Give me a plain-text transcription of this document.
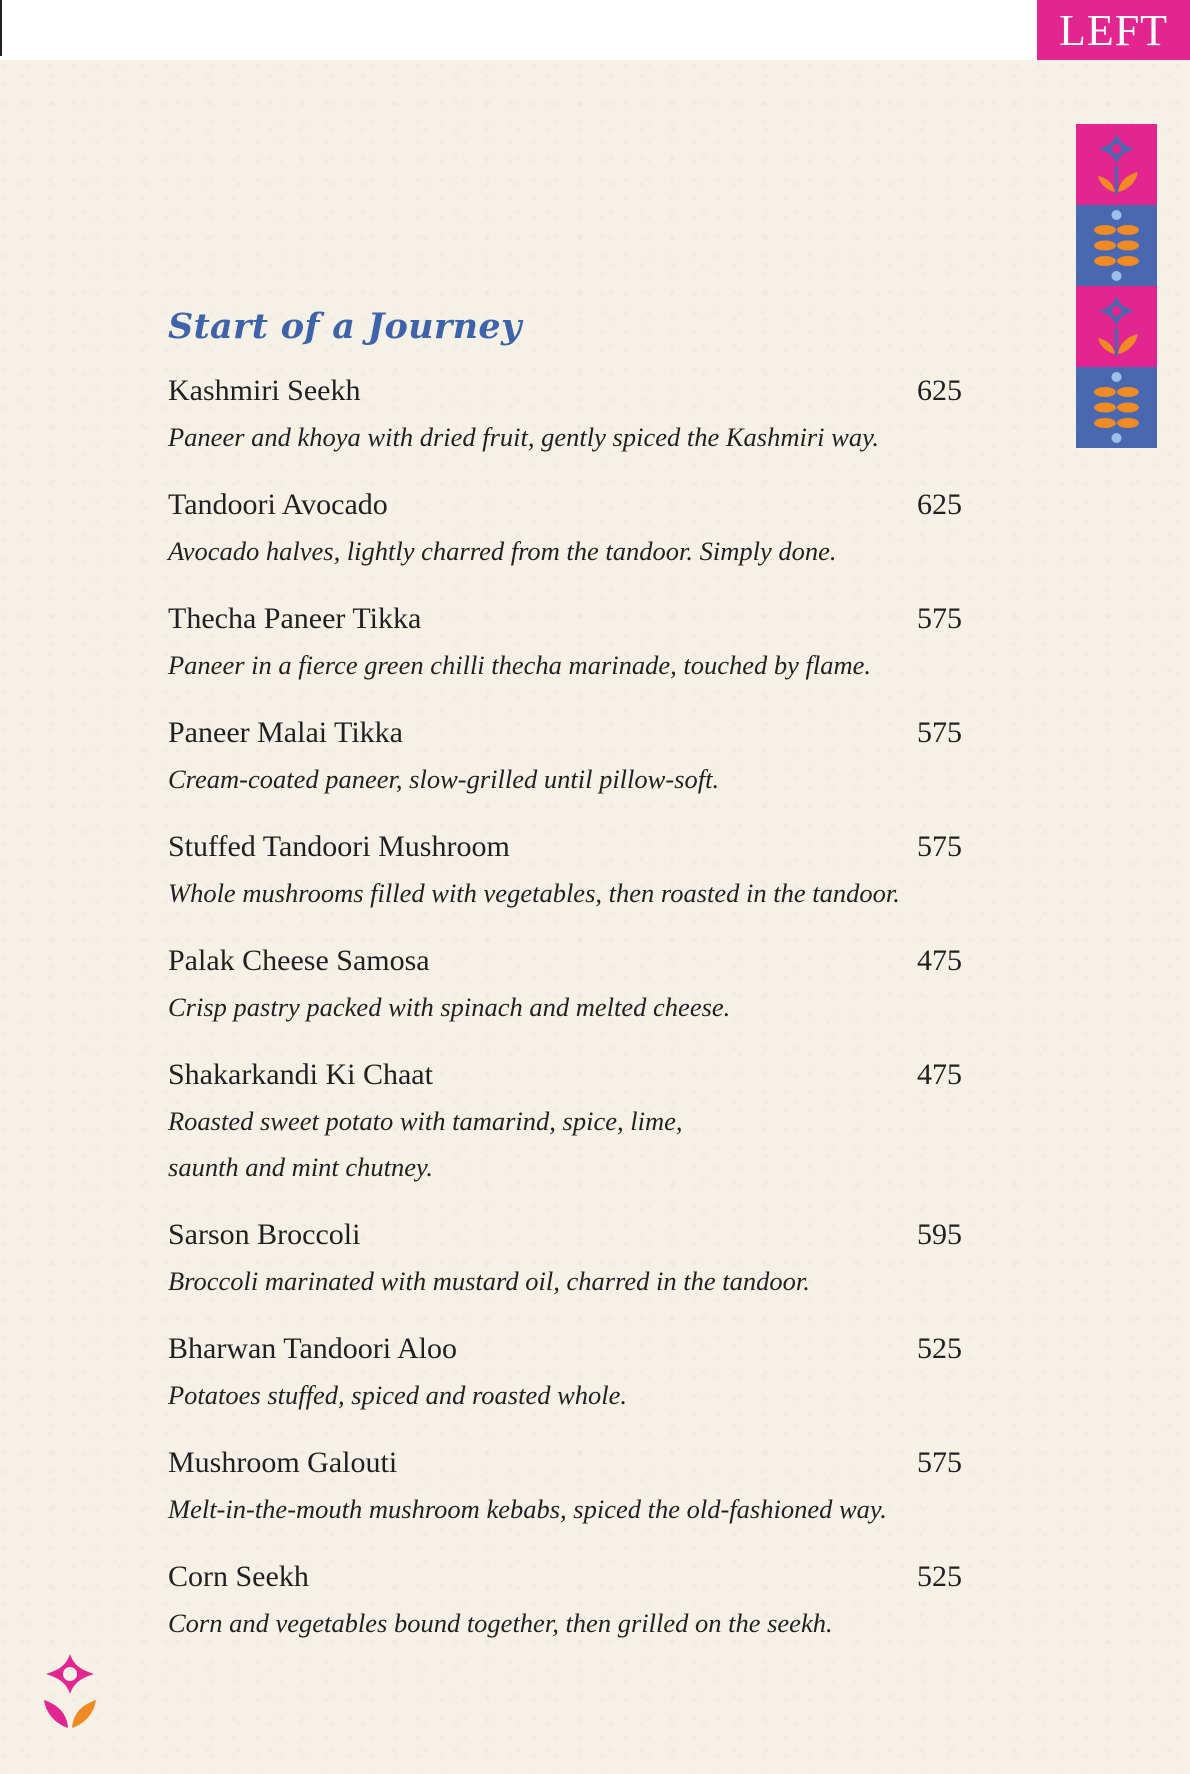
LEFT
Start of a Journey
Kashmiri Seekh	625
Paneer and khoya with dried fruit, gently spiced the Kashmiri way.
Tandoori Avocado	625
Avocado halves, lightly charred from the tandoor. Simply done.
Thecha Paneer Tikka	575
Paneer in a fierce green chilli thecha marinade, touched by flame.
Paneer Malai Tikka	575
Cream-coated paneer, slow-grilled until pillow-soft.
Stuffed Tandoori Mushroom	575
Whole mushrooms filled with vegetables, then roasted in the tandoor.
Palak Cheese Samosa	475
Crisp pastry packed with spinach and melted cheese.
Shakarkandi Ki Chaat	475
Roasted sweet potato with tamarind, spice, lime,
saunth and mint chutney.
Sarson Broccoli	595
Broccoli marinated with mustard oil, charred in the tandoor.
Bharwan Tandoori Aloo	525
Potatoes stuffed, spiced and roasted whole.
Mushroom Galouti	575
Melt-in-the-mouth mushroom kebabs, spiced the old-fashioned way.
Corn Seekh	525
Corn and vegetables bound together, then grilled on the seekh.
